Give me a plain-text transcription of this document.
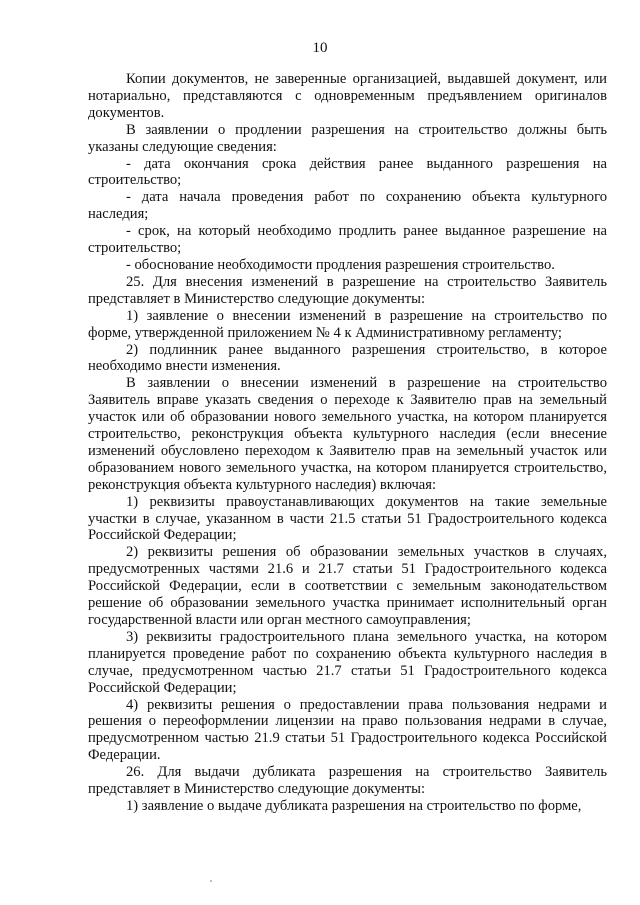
10

Копии документов, не заверенные организацией, выдавшей документ, или нотариально, представляются с одновременным предъявлением оригиналов документов.

В заявлении о продлении разрешения на строительство должны быть указаны следующие сведения:

- дата окончания срока действия ранее выданного разрешения на строительство;

- дата начала проведения работ по сохранению объекта культурного наследия;

- срок, на который необходимо продлить ранее выданное разрешение на строительство;

- обоснование необходимости продления разрешения строительство.

25. Для внесения изменений в разрешение на строительство Заявитель представляет в Министерство следующие документы:

1) заявление о внесении изменений в разрешение на строительство по форме, утвержденной приложением № 4 к Административному регламенту;

2) подлинник ранее выданного разрешения строительство, в которое необходимо внести изменения.

В заявлении о внесении изменений в разрешение на строительство Заявитель вправе указать сведения о переходе к Заявителю прав на земельный участок или об образовании нового земельного участка, на котором планируется строительство, реконструкция объекта культурного наследия (если внесение изменений обусловлено переходом к Заявителю прав на земельный участок или образованием нового земельного участка, на котором планируется строительство, реконструкция объекта культурного наследия) включая:

1) реквизиты правоустанавливающих документов на такие земельные участки в случае, указанном в части 21.5 статьи 51 Градостроительного кодекса Российской Федерации;

2) реквизиты решения об образовании земельных участков в случаях, предусмотренных частями 21.6 и 21.7 статьи 51 Градостроительного кодекса Российской Федерации, если в соответствии с земельным законодательством решение об образовании земельного участка принимает исполнительный орган государственной власти или орган местного самоуправления;

3) реквизиты градостроительного плана земельного участка, на котором планируется проведение работ по сохранению объекта культурного наследия в случае, предусмотренном частью 21.7 статьи 51 Градостроительного кодекса Российской Федерации;

4) реквизиты решения о предоставлении права пользования недрами и решения о переоформлении лицензии на право пользования недрами в случае, предусмотренном частью 21.9 статьи 51 Градостроительного кодекса Российской Федерации.

26. Для выдачи дубликата разрешения на строительство Заявитель представляет в Министерство следующие документы:

1) заявление о выдаче дубликата разрешения на строительство по форме,
